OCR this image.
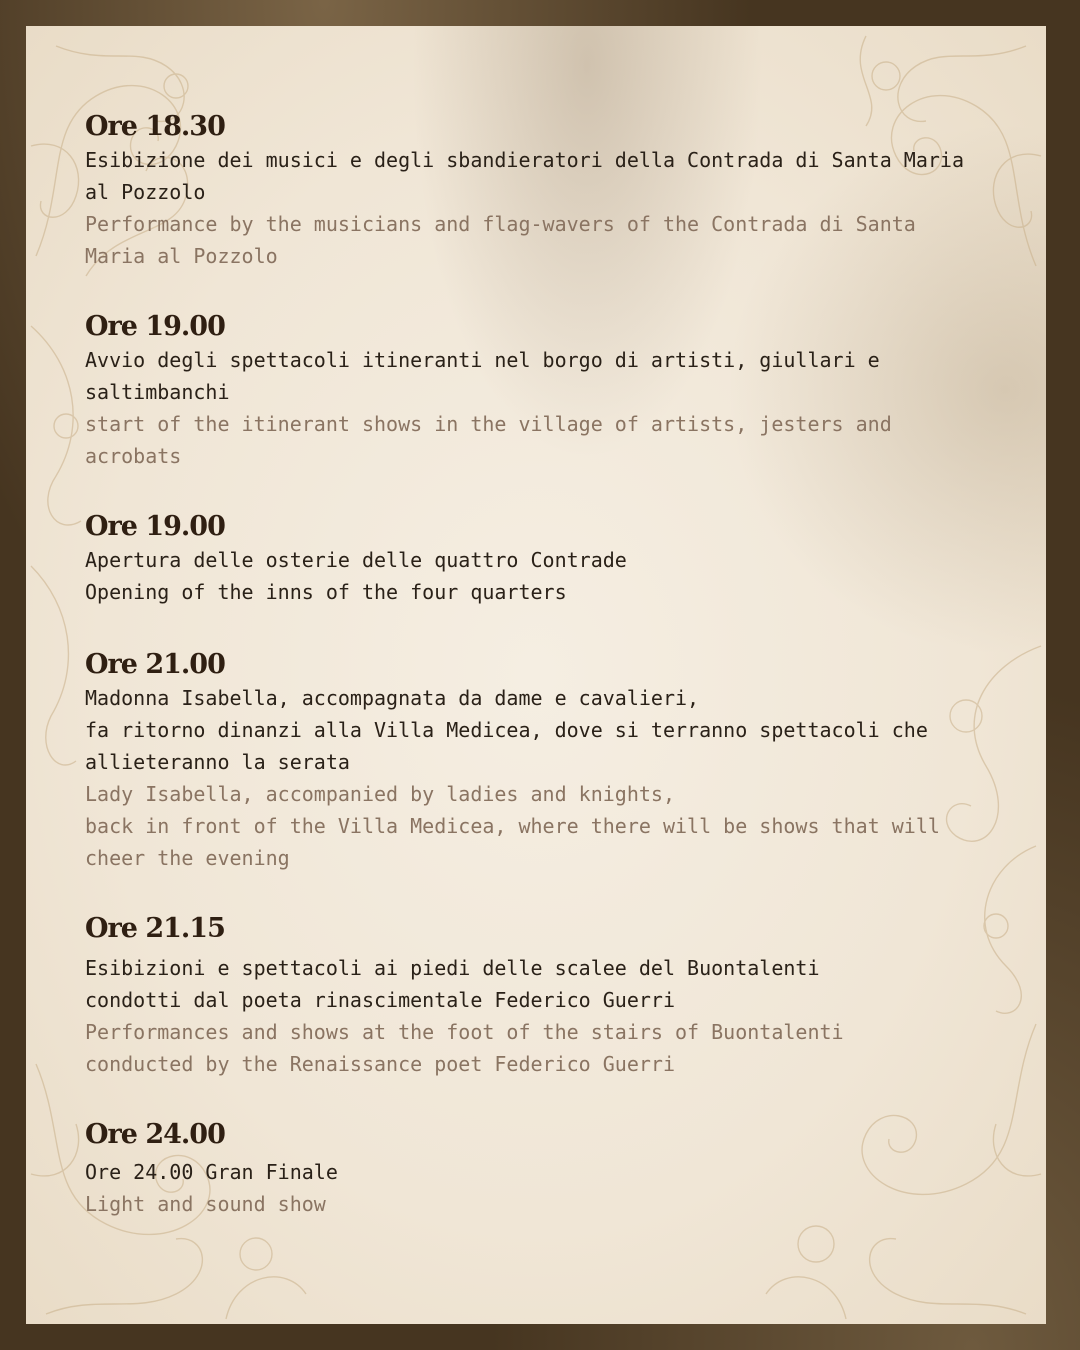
Ore 18.30

Esibizione dei musici e degli sbandieratori della Contrada di Santa Maria
al Pozzolo

Performance by the musicians and flag-wavers of the Contrada di Santa
Maria al Pozzolo

Ore 19.00

Avvio degli spettacoli itineranti nel borgo di artisti, giullari e
saltimbanchi

start of the itinerant shows in the village of artists, jesters and acrobats

Ore 19.00

Apertura delle osterie delle quattro Contrade

Opening of the inns of the four quarters

Ore 21.00

Madonna Isabella, accompagnata da dame e cavalieri,
fa ritorno dinanzi alla Villa Medicea, dove si terranno spettacoli che
allieteranno la serata

Lady Isabella, accompanied by ladies and knights,
back in front of the Villa Medicea, where there will be shows that will
cheer the evening

Ore 21.15

Esibizioni e spettacoli ai piedi delle scalee del Buontalenti
condotti dal poeta rinascimentale Federico Guerri

Performances and shows at the foot of the stairs of Buontalenti
conducted by the Renaissance poet Federico Guerri

Ore 24.00

Ore 24.00 Gran Finale

Light and sound show
